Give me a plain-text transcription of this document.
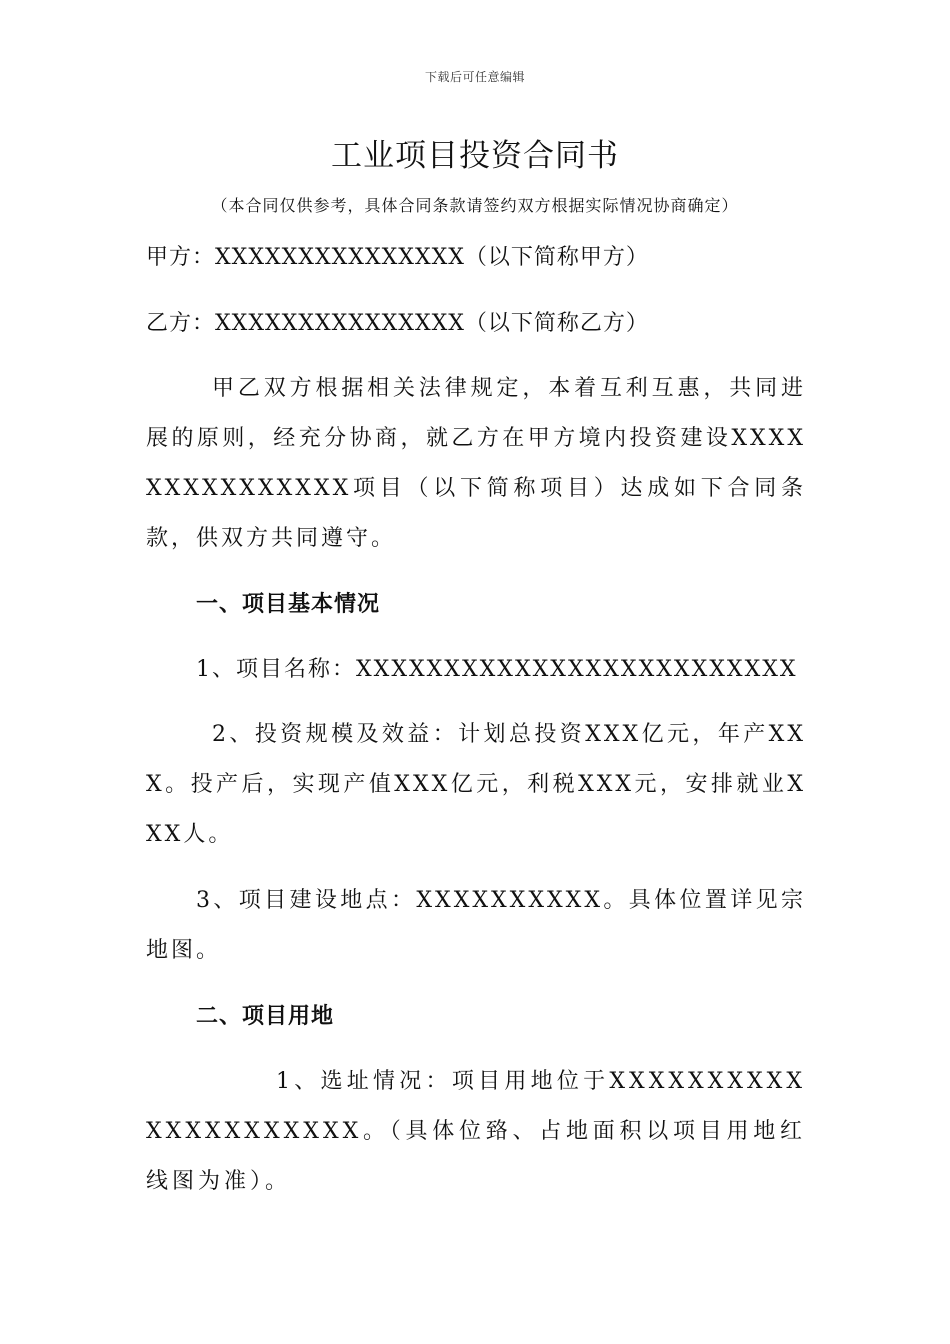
下载后可任意编辑
工业项目投资合同书
（本合同仅供参考，具体合同条款请签约双方根据实际情况协商确定）
甲方：XXXXXXXXXXXXXXX（以下简称甲方）
乙方：XXXXXXXXXXXXXXX（以下简称乙方）

甲乙双方根据相关法律规定，本着互利互惠，共同进展的原则，经充分协商，就乙方在甲方境内投资建设XXXXXXXXXXXXXXX项目（以下简称项目）达成如下合同条款，供双方共同遵守。

一、项目基本情况

1、项目名称：XXXXXXXXXXXXXXXXXXXXXXXXX

2、投资规模及效益：计划总投资XXX亿元，年产XXX。投产后，实现产值XXX亿元，利税XXX元，安排就业XXX人。

3、项目建设地点：XXXXXXXXXX。具体位置详见宗地图。

二、项目用地

1、选址情况：项目用地位于XXXXXXXXXXXXXXXXXXXXX。（具体位臵、占地面积以项目用地红线图为准）。
